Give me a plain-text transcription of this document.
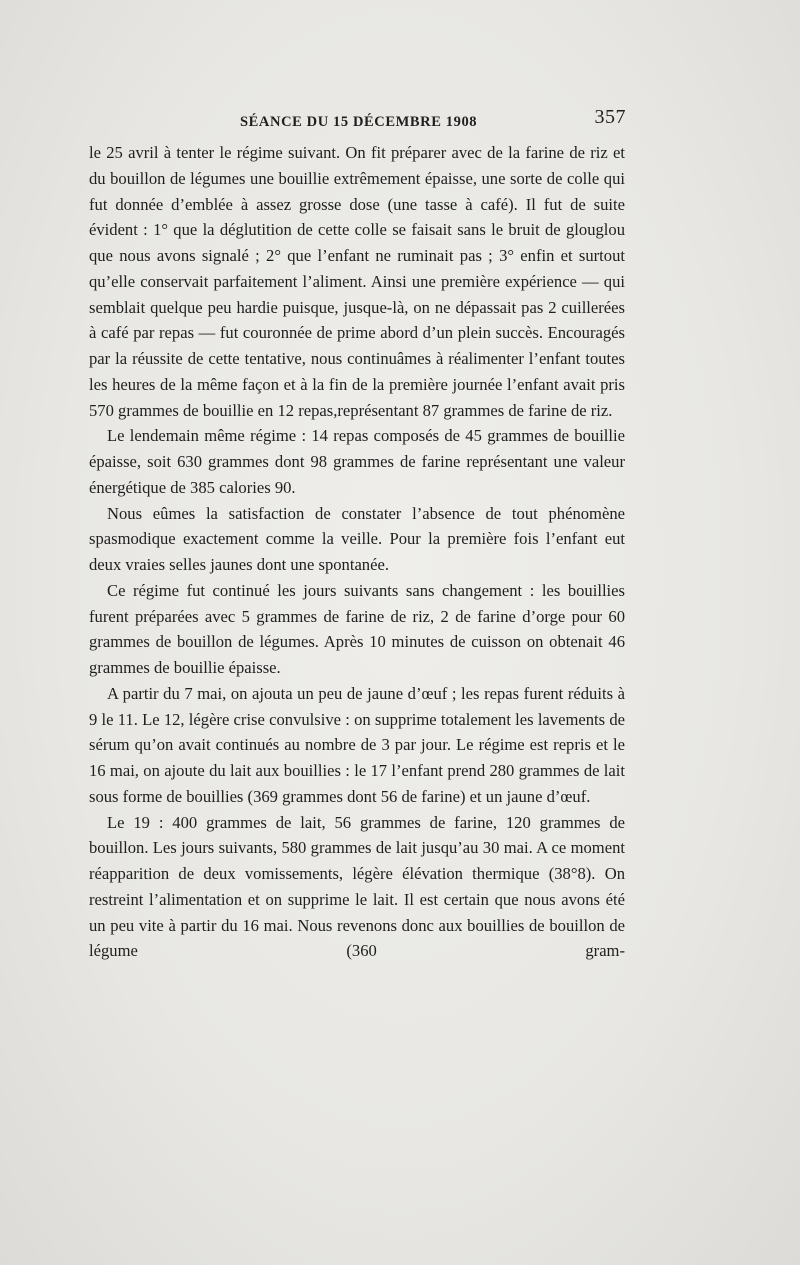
SÉANCE DU 15 DÉCEMBRE 1908	357

le 25 avril à tenter le régime suivant. On fit préparer avec de la farine de riz et du bouillon de légumes une bouillie extrêmement épaisse, une sorte de colle qui fut donnée d’emblée à assez grosse dose (une tasse à café). Il fut de suite évident : 1° que la déglutition de cette colle se faisait sans le bruit de glouglou que nous avons signalé ; 2° que l’enfant ne ruminait pas ; 3° enfin et surtout qu’elle conservait parfaitement l’aliment. Ainsi une première expérience — qui semblait quelque peu hardie puisque, jusque-là, on ne dépassait pas 2 cuillerées à café par repas — fut couronnée de prime abord d’un plein succès. Encouragés par la réussite de cette tentative, nous continuâmes à réalimenter l’enfant toutes les heures de la même façon et à la fin de la première journée l’enfant avait pris 570 grammes de bouillie en 12 repas,représentant 87 grammes de farine de riz.

Le lendemain même régime : 14 repas composés de 45 grammes de bouillie épaisse, soit 630 grammes dont 98 grammes de farine représentant une valeur énergétique de 385 calories 90.

Nous eûmes la satisfaction de constater l’absence de tout phénomène spasmodique exactement comme la veille. Pour la première fois l’enfant eut deux vraies selles jaunes dont une spontanée.

Ce régime fut continué les jours suivants sans changement : les bouillies furent préparées avec 5 grammes de farine de riz, 2 de farine d’orge pour 60 grammes de bouillon de légumes. Après 10 minutes de cuisson on obtenait 46 grammes de bouillie épaisse.

A partir du 7 mai, on ajouta un peu de jaune d’œuf ; les repas furent réduits à 9 le 11. Le 12, légère crise convulsive : on supprime totalement les lavements de sérum qu’on avait continués au nombre de 3 par jour. Le régime est repris et le 16 mai, on ajoute du lait aux bouillies : le 17 l’enfant prend 280 grammes de lait sous forme de bouillies (369 grammes dont 56 de farine) et un jaune d’œuf.

Le 19 : 400 grammes de lait, 56 grammes de farine, 120 grammes de bouillon. Les jours suivants, 580 grammes de lait jusqu’au 30 mai. A ce moment réapparition de deux vomissements, légère élévation thermique (38°8). On restreint l’alimentation et on supprime le lait. Il est certain que nous avons été un peu vite à partir du 16 mai. Nous revenons donc aux bouillies de bouillon de légume (360 gram-
